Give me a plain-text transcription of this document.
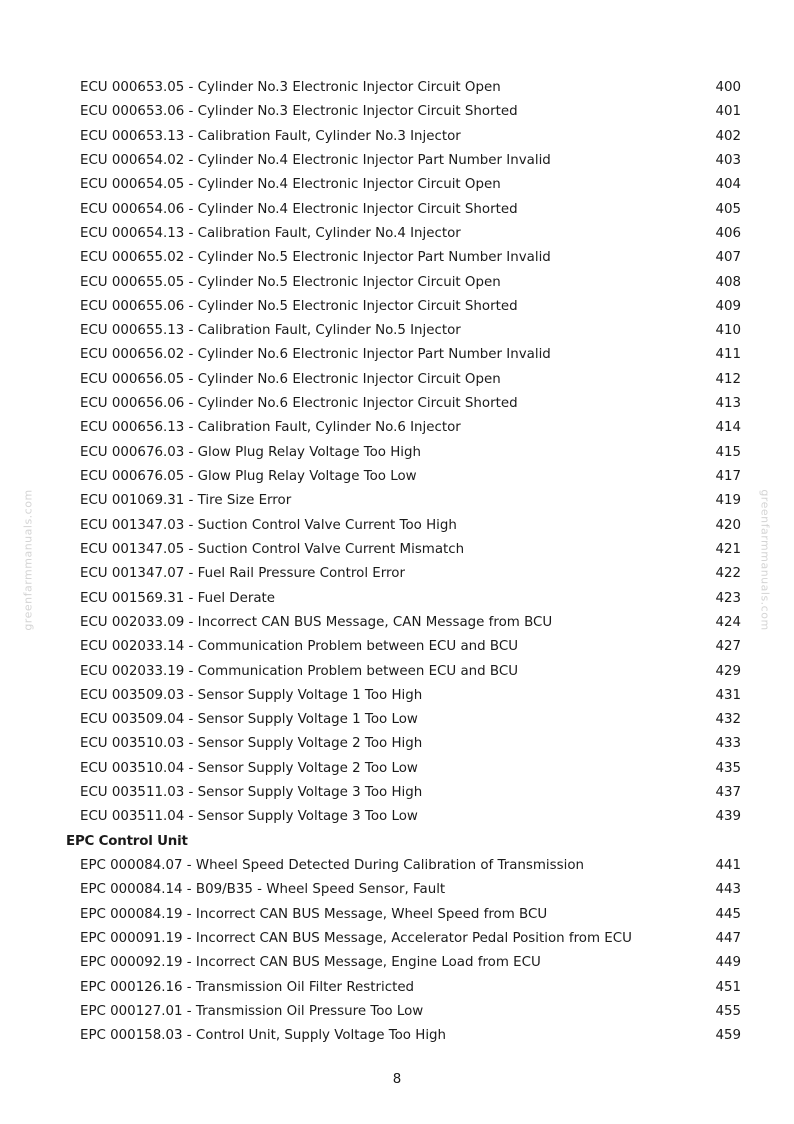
ECU 000653.05 - Cylinder No.3 Electronic Injector Circuit Open	400
ECU 000653.06 - Cylinder No.3 Electronic Injector Circuit Shorted	401
ECU 000653.13 - Calibration Fault, Cylinder No.3 Injector	402
ECU 000654.02 - Cylinder No.4 Electronic Injector Part Number Invalid	403
ECU 000654.05 - Cylinder No.4 Electronic Injector Circuit Open	404
ECU 000654.06 - Cylinder No.4 Electronic Injector Circuit Shorted	405
ECU 000654.13 - Calibration Fault, Cylinder No.4 Injector	406
ECU 000655.02 - Cylinder No.5 Electronic Injector Part Number Invalid	407
ECU 000655.05 - Cylinder No.5 Electronic Injector Circuit Open	408
ECU 000655.06 - Cylinder No.5 Electronic Injector Circuit Shorted	409
ECU 000655.13 - Calibration Fault, Cylinder No.5 Injector	410
ECU 000656.02 - Cylinder No.6 Electronic Injector Part Number Invalid	411
ECU 000656.05 - Cylinder No.6 Electronic Injector Circuit Open	412
ECU 000656.06 - Cylinder No.6 Electronic Injector Circuit Shorted	413
ECU 000656.13 - Calibration Fault, Cylinder No.6 Injector	414
ECU 000676.03 - Glow Plug Relay Voltage Too High	415
ECU 000676.05 - Glow Plug Relay Voltage Too Low	417
ECU 001069.31 - Tire Size Error	419
ECU 001347.03 - Suction Control Valve Current Too High	420
ECU 001347.05 - Suction Control Valve Current Mismatch	421
ECU 001347.07 - Fuel Rail Pressure Control Error	422
ECU 001569.31 - Fuel Derate	423
ECU 002033.09 - Incorrect CAN BUS Message, CAN Message from BCU	424
ECU 002033.14 - Communication Problem between ECU and BCU	427
ECU 002033.19 - Communication Problem between ECU and BCU	429
ECU 003509.03 - Sensor Supply Voltage 1 Too High	431
ECU 003509.04 - Sensor Supply Voltage 1 Too Low	432
ECU 003510.03 - Sensor Supply Voltage 2 Too High	433
ECU 003510.04 - Sensor Supply Voltage 2 Too Low	435
ECU 003511.03 - Sensor Supply Voltage 3 Too High	437
ECU 003511.04 - Sensor Supply Voltage 3 Too Low	439
EPC Control Unit
EPC 000084.07 - Wheel Speed Detected During Calibration of Transmission	441
EPC 000084.14 - B09/B35 - Wheel Speed Sensor, Fault	443
EPC 000084.19 - Incorrect CAN BUS Message, Wheel Speed from BCU	445
EPC 000091.19 - Incorrect CAN BUS Message, Accelerator Pedal Position from ECU	447
EPC 000092.19 - Incorrect CAN BUS Message, Engine Load from ECU	449
EPC 000126.16 - Transmission Oil Filter Restricted	451
EPC 000127.01 - Transmission Oil Pressure Too Low	455
EPC 000158.03 - Control Unit, Supply Voltage Too High	459
greenfarmmanuals.com	greenfarmmanuals.com
8
